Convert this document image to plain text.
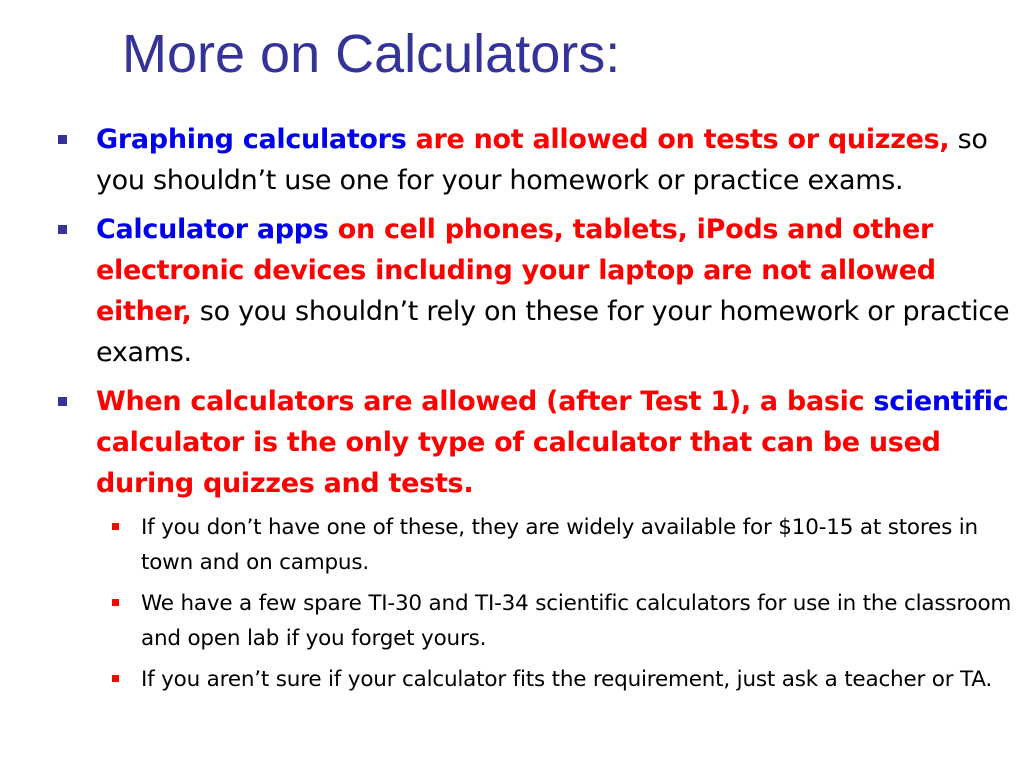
More on Calculators:
Graphing calculators are not allowed on tests or quizzes, so you shouldn’t use one for your homework or practice exams.
Calculator apps on cell phones, tablets, iPods and other electronic devices including your laptop are not allowed either, so you shouldn’t rely on these for your homework or practice exams.
When calculators are allowed (after Test 1), a basic scientific calculator is the only type of calculator that can be used during quizzes and tests.
If you don’t have one of these, they are widely available for $10-15 at stores in town and on campus.
We have a few spare TI-30 and TI-34 scientific calculators for use in the classroom and open lab if you forget yours.
If you aren’t sure if your calculator fits the requirement, just ask a teacher or TA.
